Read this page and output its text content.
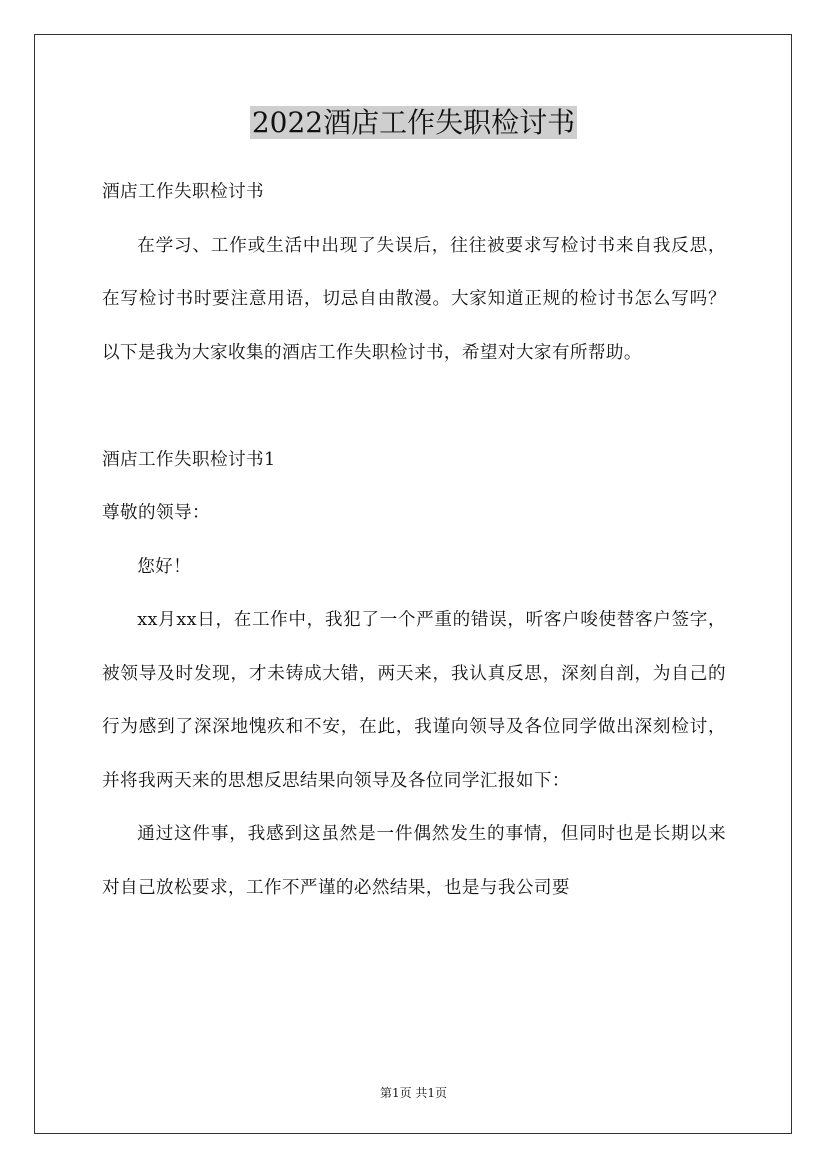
2022酒店工作失职检讨书

酒店工作失职检讨书

在学习、工作或生活中出现了失误后，往往被要求写检讨书来自我反思，在写检讨书时要注意用语，切忌自由散漫。大家知道正规的检讨书怎么写吗？以下是我为大家收集的酒店工作失职检讨书，希望对大家有所帮助。

酒店工作失职检讨书1

尊敬的领导：

您好！

xx月xx日，在工作中，我犯了一个严重的错误，听客户唆使替客户签字，被领导及时发现，才未铸成大错，两天来，我认真反思，深刻自剖，为自己的行为感到了深深地愧疚和不安，在此，我谨向领导及各位同学做出深刻检讨，并将我两天来的思想反思结果向领导及各位同学汇报如下：

通过这件事，我感到这虽然是一件偶然发生的事情，但同时也是长期以来对自己放松要求，工作不严谨的必然结果，也是与我公司要

第1页 共1页
